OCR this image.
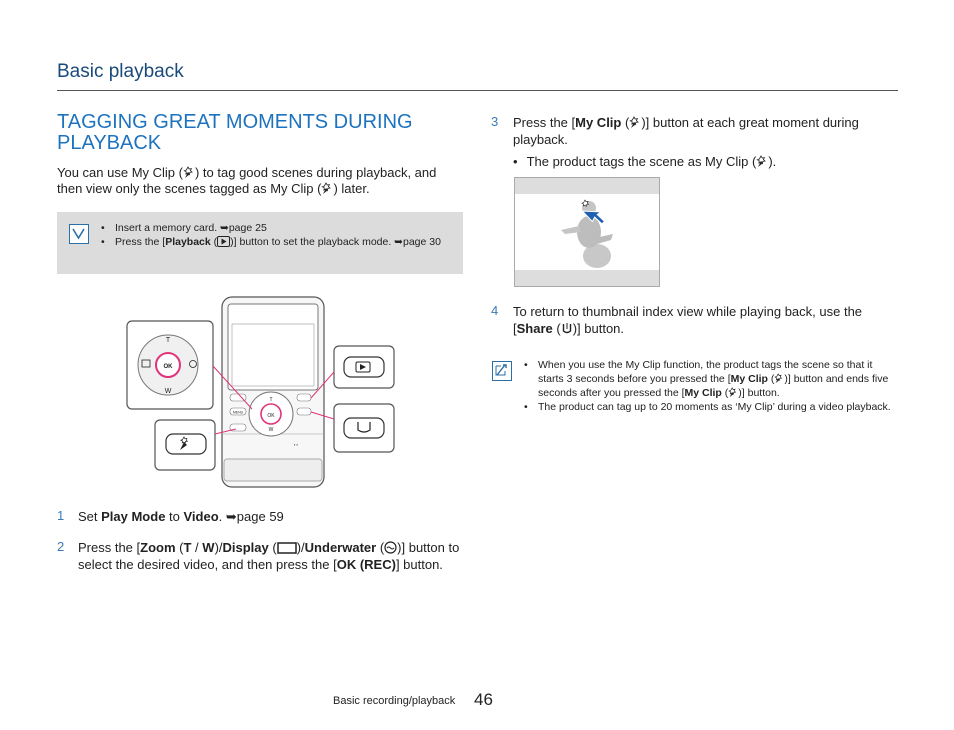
Basic playback
TAGGING GREAT MOMENTS DURING
PLAYBACK
You can use My Clip ( ) to tag good scenes during playback, and then view only the scenes tagged as My Clip ( ) later.
• Insert a memory card. ➥page 25
• Press the [Playback ( )] button to set the playback mode. ➥page 30
OK
T
W
MENU
▪ ▪
OK
T
W
1 Set Play Mode to Video. ➥page 59
2 Press the [Zoom (T / W)/Display ( )/Underwater ( )] button to select the desired video, and then press the [OK (REC)] button.
3 Press the [My Clip ( )] button at each great moment during playback.
• The product tags the scene as My Clip ( ).
4 To return to thumbnail index view while playing back, use the [Share ( )] button.
• When you use the My Clip function, the product tags the scene so that it starts 3 seconds before you pressed the [My Clip ( )] button and ends five seconds after you pressed the [My Clip ( )] button.
• The product can tag up to 20 moments as ‘My Clip’ during a video playback.
Basic recording/playback 46
